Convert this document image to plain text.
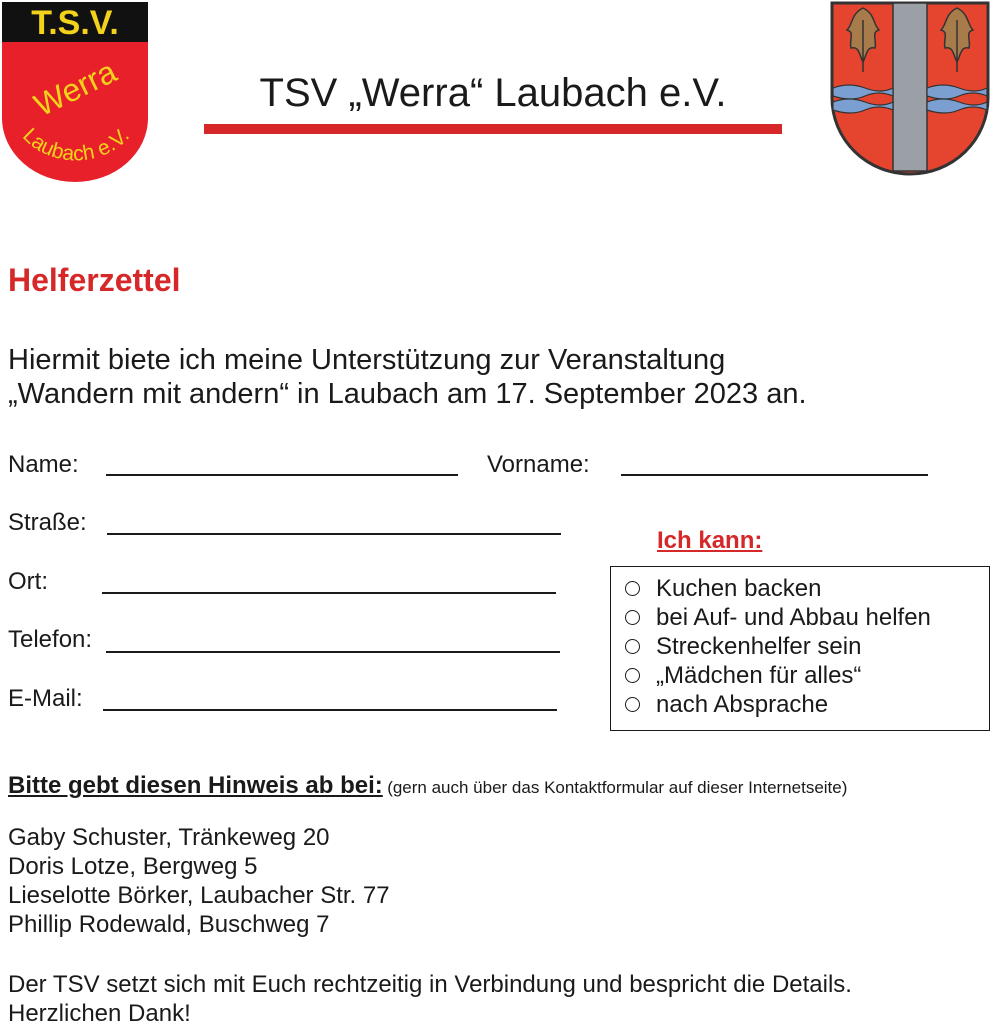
T.S.V.
Werra
Laubach e.V.
TSV „Werra“ Laubach e.V.
Helferzettel
Hiermit biete ich meine Unterstützung zur Veranstaltung
„Wandern mit andern“ in Laubach am 17. September 2023 an.
Name:	Vorname:
Straße:
Ort:
Telefon:
E-Mail:
Ich kann:
Kuchen backen
bei Auf- und Abbau helfen
Streckenhelfer sein
„Mädchen für alles“
nach Absprache
Bitte gebt diesen Hinweis ab bei: (gern auch über das Kontaktformular auf dieser Internetseite)
Gaby Schuster, Tränkeweg 20
Doris Lotze, Bergweg 5
Lieselotte Börker, Laubacher Str. 77
Phillip Rodewald, Buschweg 7
Der TSV setzt sich mit Euch rechtzeitig in Verbindung und bespricht die Details.
Herzlichen Dank!
